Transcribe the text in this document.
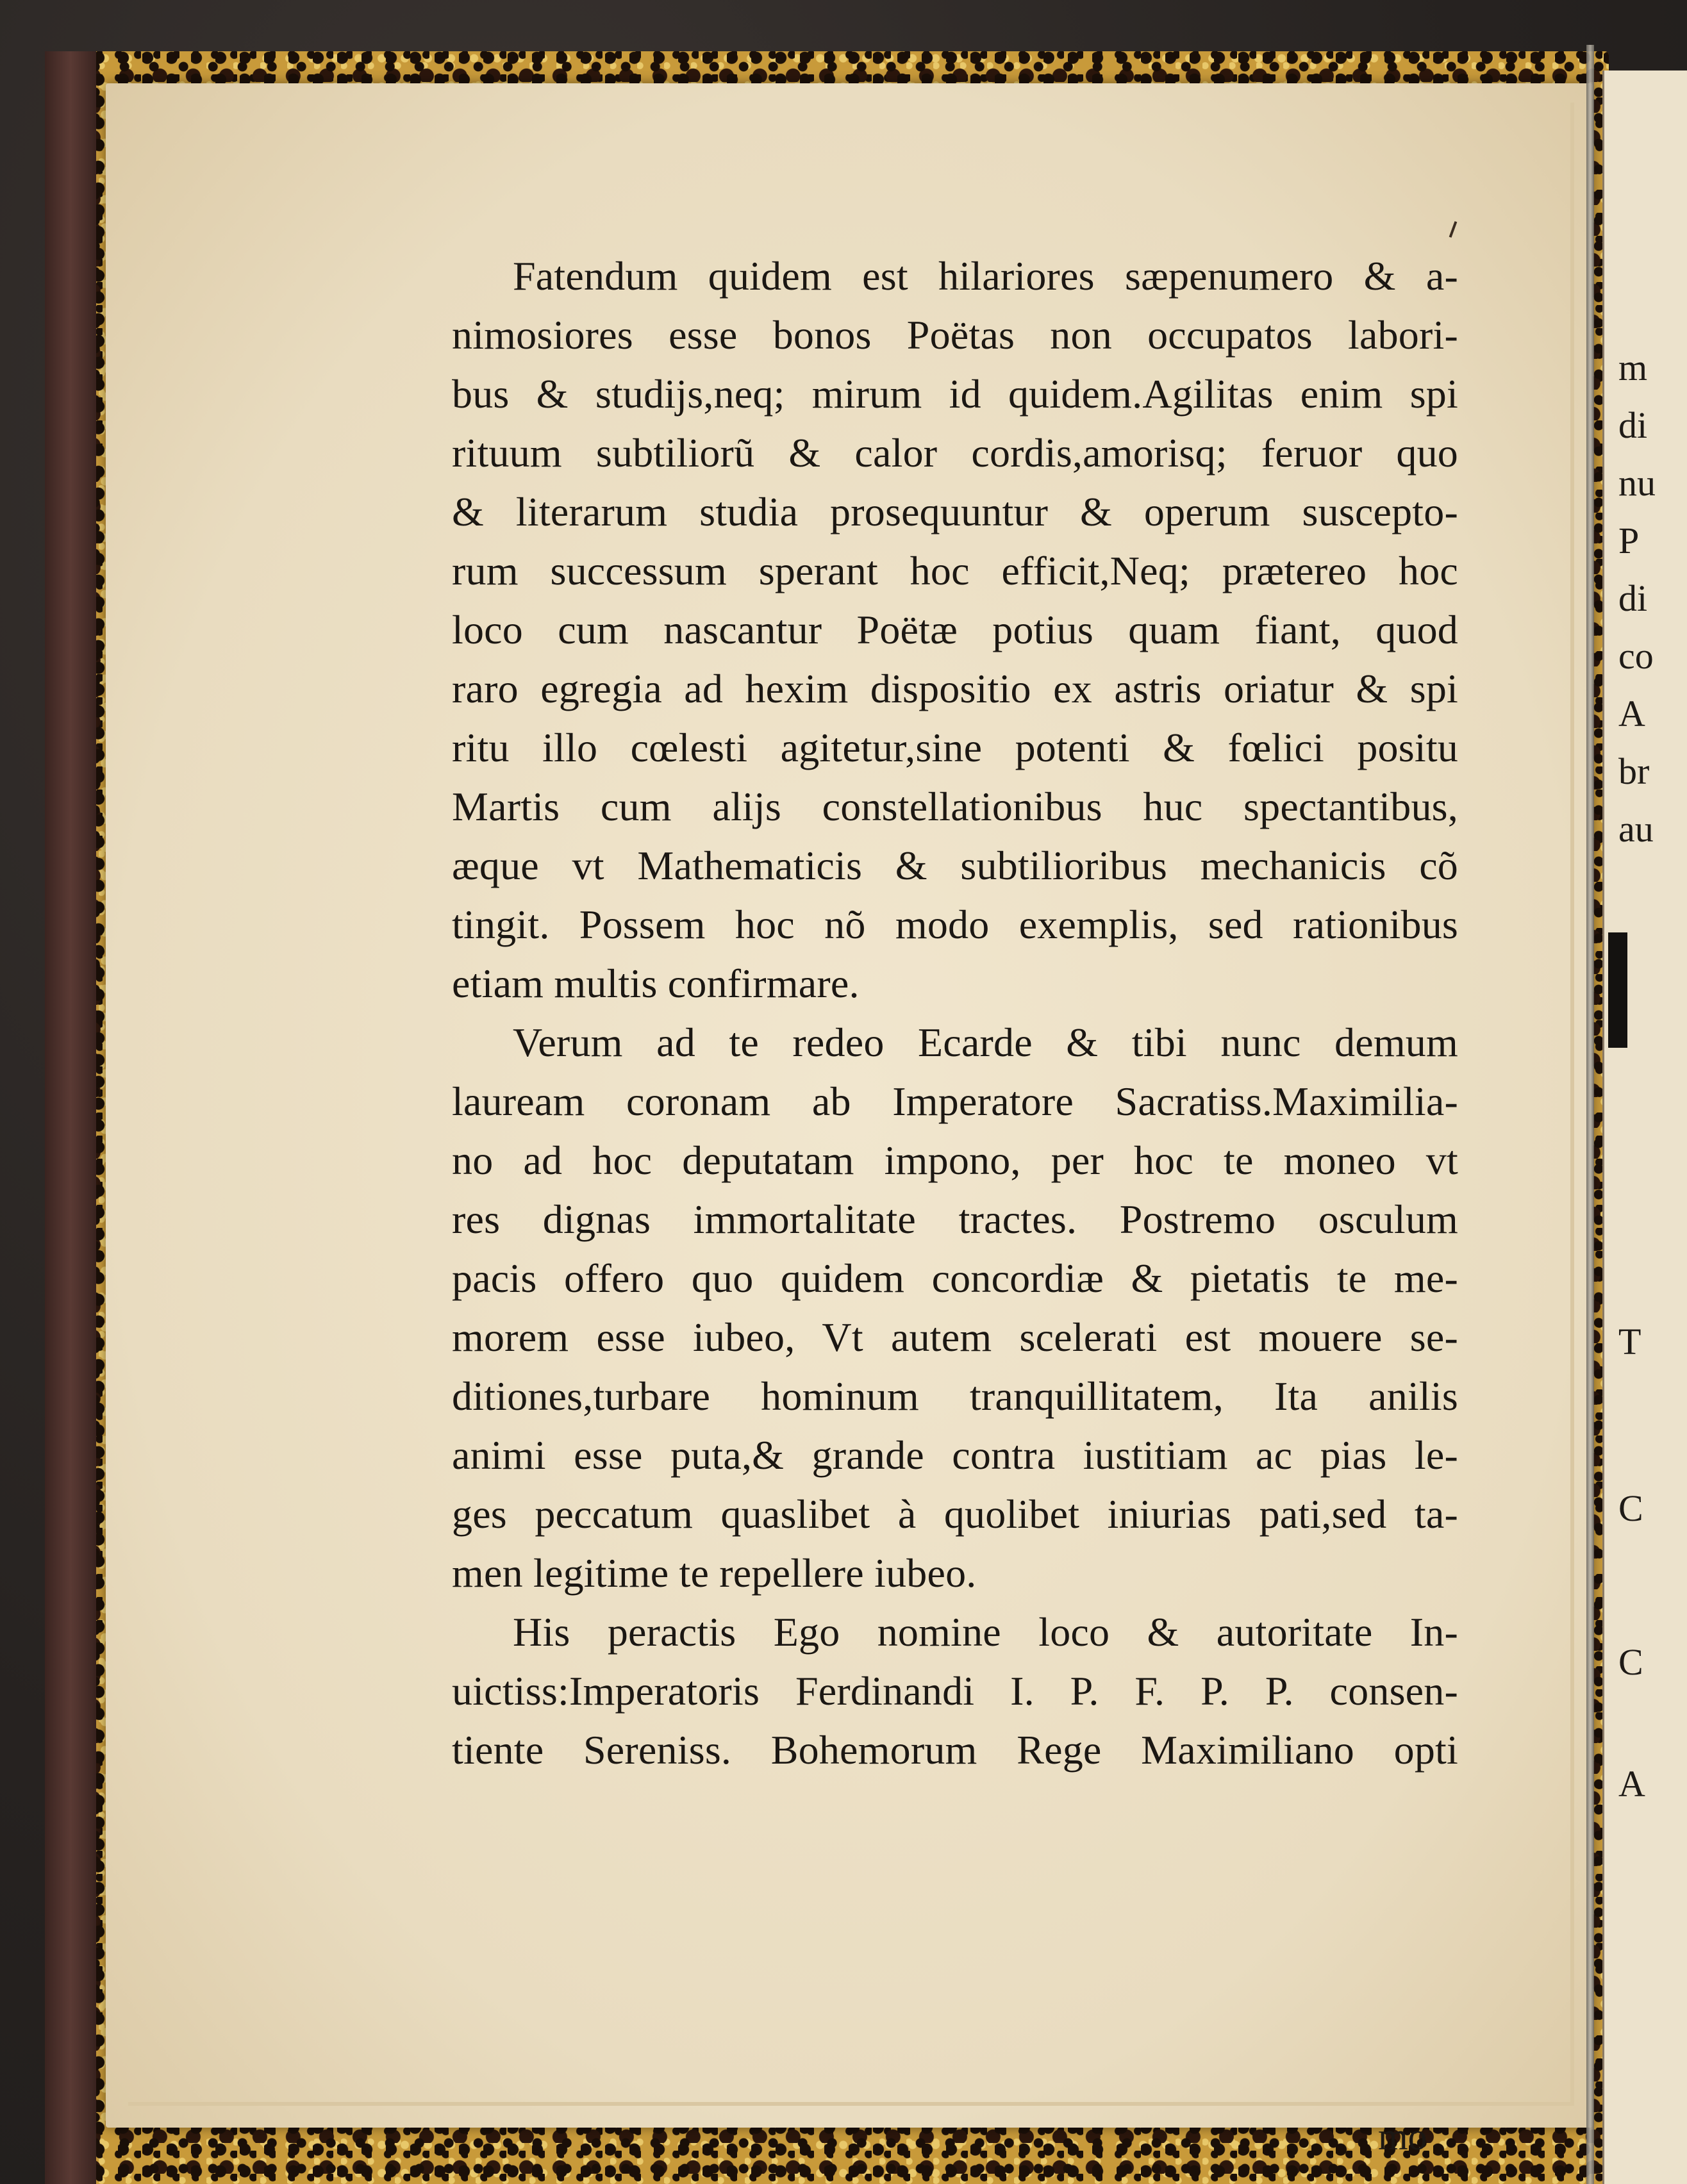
m
di
nu
P
di
co
A
br
au
T
C
C
A
Fatendum quidem est hilariores sæpenumero & a-
nimosiores esse bonos Poëtas non occupatos labori-
bus & studijs,neq; mirum id quidem.Agilitas enim spi
rituum subtiliorũ & calor cordis,amorisq; feruor quo
& literarum studia prosequuntur & operum suscepto-
rum successum sperant hoc efficit,Neq; prætereo hoc
loco cum nascantur Poëtæ potius quam fiant, quod
raro egregia ad hexim dispositio ex astris oriatur & spi
ritu illo cœlesti agitetur,sine potenti & fœlici positu
Martis cum alijs constellationibus huc spectantibus,
æque vt Mathematicis & subtilioribus mechanicis cõ
tingit. Possem hoc nõ modo exemplis, sed rationibus
etiam multis confirmare.
Verum ad te redeo Ecarde & tibi nunc demum
lauream coronam ab Imperatore Sacratiss.Maximilia-
no ad hoc deputatam impono, per hoc te moneo vt
res dignas immortalitate tractes. Postremo osculum
pacis offero quo quidem concordiæ & pietatis te me-
morem esse iubeo, Vt autem scelerati est mouere se-
ditiones,turbare hominum tranquillitatem, Ita anilis
animi esse puta,& grande contra iustitiam ac pias le-
ges peccatum quaslibet à quolibet iniurias pati,sed ta-
men legitime te repellere iubeo.
His peractis Ego nomine loco & autoritate In-
uictiss:Imperatoris Ferdinandi I. P. F. P. P. consen-
tiente Sereniss. Bohemorum Rege Maximiliano opti
mo
